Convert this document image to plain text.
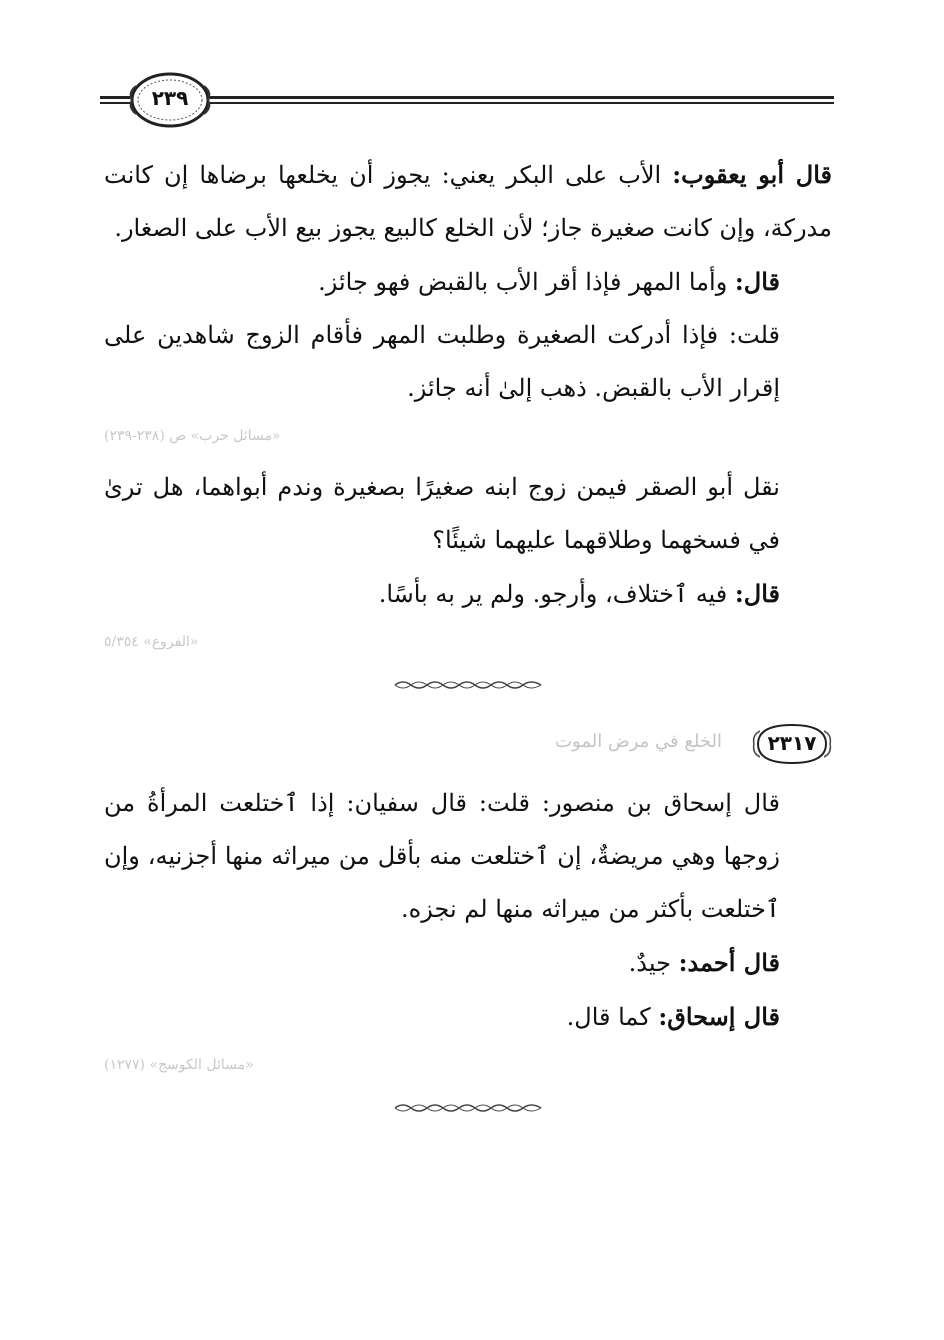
٢٣٩

قال أبو يعقوب: الأب على البكر يعني: يجوز أن يخلعها برضاها إن كانت مدركة، وإن كانت صغيرة جاز؛ لأن الخلع كالبيع يجوز بيع الأب على الصغار.

قال: وأما المهر فإذا أقر الأب بالقبض فهو جائز.

قلت: فإذا أدركت الصغيرة وطلبت المهر فأقام الزوج شاهدين على إقرار الأب بالقبض. ذهب إلىٰ أنه جائز.

«مسائل حرب» ص (٢٣٨-٢٣٩)

نقل أبو الصقر فيمن زوج ابنه صغيرًا بصغيرة وندم أبواهما، هل ترىٰ في فسخهما وطلاقهما عليهما شيئًا؟

قال: فيه ٱختلاف، وأرجو. ولم ير به بأسًا.

«الفروع» ٥/٣٥٤
٢٣١٧
الخلع في مرض الموت

قال إسحاق بن منصور: قلت: قال سفيان: إذا ٱختلعت المرأةُ من زوجها وهي مريضةٌ، إن ٱختلعت منه بأقل من ميراثه منها أجزنيه، وإن ٱختلعت بأكثر من ميراثه منها لم نجزه.

قال أحمد: جيدٌ.

قال إسحاق: كما قال.

«مسائل الكوسج» (١٢٧٧)
